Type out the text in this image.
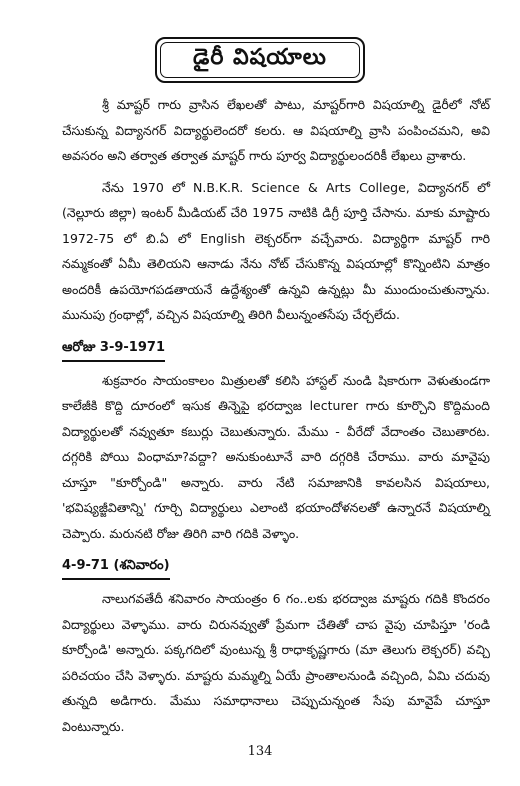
డైరీ విషయాలు

శ్రీ మాష్టర్ గారు వ్రాసిన లేఖలతో పాటు, మాష్టర్‌గారి విషయాల్ని డైరీలో నోట్ చేసుకున్న విద్యానగర్ విద్యార్థులెందరో కలరు. ఆ విషయాల్ని వ్రాసి పంపించమని, అవి అవసరం అని తర్వాత తర్వాత మాష్టర్ గారు పూర్వ విద్యార్థులందరికీ లేఖలు వ్రాశారు.

నేను 1970 లో N.B.K.R. Science & Arts College, విద్యానగర్ లో (నెల్లూరు జిల్లా) ఇంటర్ మీడియట్ చేరి 1975 నాటికి డిగ్రీ పూర్తి చేసాను. మాకు మాష్టారు 1972-75 లో బి.ఏ లో English లెక్చరర్‌గా వచ్చేవారు. విద్యార్థిగా మాష్టర్ గారి నమ్మకంతో ఏమీ తెలియని ఆనాడు నేను నోట్ చేసుకొన్న విషయాల్లో కొన్నింటిని మాత్రం అందరికీ ఉపయోగపడతాయనే ఉద్దేశ్యంతో ఉన్నవి ఉన్నట్లు మీ ముందుంచుతున్నాను. మునుపు గ్రంథాల్లో, వచ్చిన విషయాల్ని తిరిగి వీలున్నంతసేపు చేర్చలేదు.

ఆరోజు 3-9-1971

శుక్రవారం సాయంకాలం మిత్రులతో కలిసి హాస్టల్ నుండి షికారుగా వెళుతుండగా కాలేజీకి కొద్ది దూరంలో ఇసుక తిన్నెపై భరద్వాజ lecturer గారు కూర్చొని కొద్దిమంది విద్యార్థులతో నవ్వుతూ కబుర్లు చెబుతున్నారు. మేము - వీరేదో వేదాంతం చెబుతారట. దగ్గరికి పోయి వింధామా?వద్దా? అనుకుంటూనే వారి దగ్గరికి చేరాము. వారు మావైపు చూస్తూ "కూర్చోండి" అన్నారు. వారు నేటి సమాజానికి కావలసిన విషయాలు, 'భవిష్యజ్జీవితాన్ని' గూర్చి విద్యార్థులు ఎలాంటి భయాందోళనలతో ఉన్నారనే విషయాల్ని చెప్పారు. మరునటి రోజు తిరిగి వారి గదికి వెళ్ళాం.

4-9-71 (శనివారం)

నాలుగవతేదీ శనివారం సాయంత్రం 6 గం..లకు భరద్వాజ మాష్టరు గదికి కొందరం విద్యార్థులు వెళ్ళాము. వారు చిరునవ్వుతో ప్రేమగా చేతితో చాప వైపు చూపిస్తూ 'రండి కూర్చోండి' అన్నారు. పక్కగదిలో వుంటున్న శ్రీ రాధాకృష్ణగారు (మా తెలుగు లెక్చరర్) వచ్చి పరిచయం చేసి వెళ్ళారు. మాష్టరు మమ్మల్ని ఏయే ప్రాంతాలనుండి వచ్చింది, ఏమి చదువు తున్నది అడిగారు. మేము సమాధానాలు చెప్పుచున్నంత సేపు మావైపే చూస్తూ వింటున్నారు.

134
